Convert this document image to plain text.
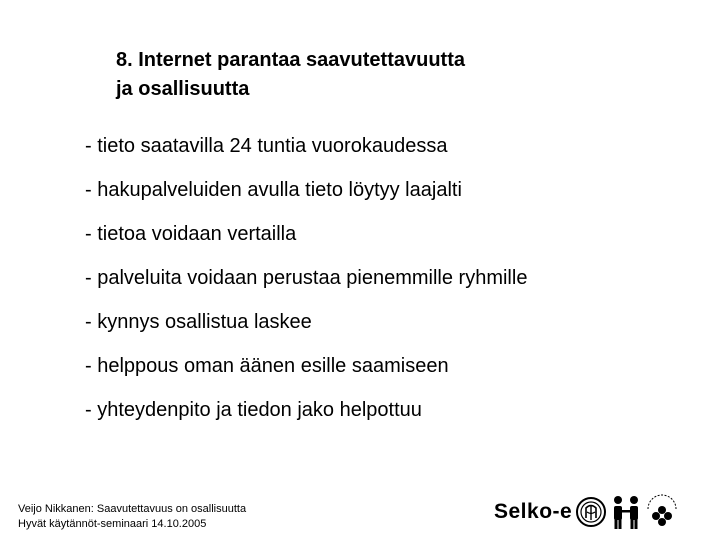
8. Internet parantaa saavutettavuutta
ja osallisuutta
- tieto saatavilla 24 tuntia vuorokaudessa
- hakupalveluiden avulla tieto löytyy laajalti
- tietoa voidaan vertailla
- palveluita voidaan perustaa pienemmille ryhmille
- kynnys osallistua laskee
- helppous oman äänen esille saamiseen
- yhteydenpito ja tiedon jako helpottuu
Veijo Nikkanen: Saavutettavuus on osallisuutta
Hyvät käytännöt-seminaari 14.10.2005
Selko-e
